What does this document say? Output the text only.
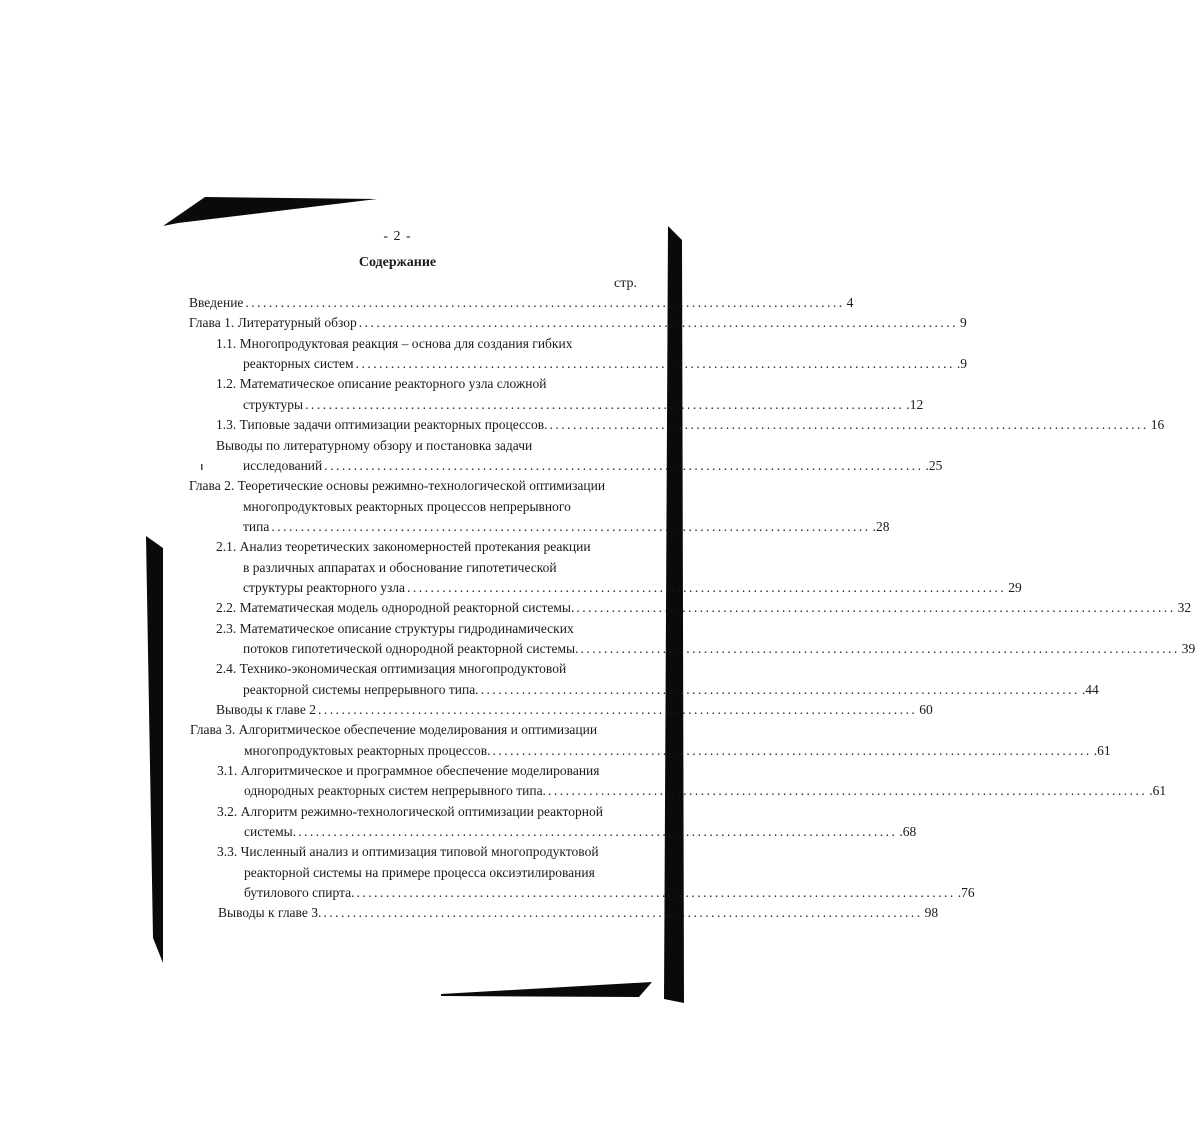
- 2 -
Содержание
стр.
Введение ...................................................................................................... 4
Глава 1. Литературный обзор ...................................................................................................... 9
1.1. Многопродуктовая реакция – основа для создания гибких
реакторных систем ...................................................................................................... .9
1.2. Математическое описание реакторного узла сложной
структуры ...................................................................................................... .12
1.3. Типовые задачи оптимизации реакторных процессов. ...................................................................................................... 16
Выводы по литературному обзору и постановка задачи
исследований ...................................................................................................... .25
Глава 2. Теоретические основы режимно-технологической оптимизации
многопродуктовых реакторных процессов непрерывного
типа ...................................................................................................... .28
2.1. Анализ теоретических закономерностей протекания реакции
в различных аппаратах и обоснование гипотетической
структуры реакторного узла ...................................................................................................... 29
2.2. Математическая модель однородной реакторной системы. ...................................................................................................... 32
2.3. Математическое описание структуры гидродинамических
потоков гипотетической однородной реакторной системы. ...................................................................................................... 39
2.4. Технико-экономическая оптимизация многопродуктовой
реакторной системы непрерывного типа. ...................................................................................................... .44
Выводы к главе 2 ...................................................................................................... 60
Глава 3. Алгоритмическое обеспечение моделирования и оптимизации
многопродуктовых реакторных процессов. ...................................................................................................... .61
3.1. Алгоритмическое и программное обеспечение моделирования
однородных реакторных систем непрерывного типа. ...................................................................................................... .61
3.2. Алгоритм режимно-технологической оптимизации реакторной
системы. ...................................................................................................... .68
3.3. Численный анализ и оптимизация типовой многопродуктовой
реакторной системы на примере процесса оксиэтилирования
бутилового спирта. ...................................................................................................... .76
Выводы к главе 3. ...................................................................................................... 98
